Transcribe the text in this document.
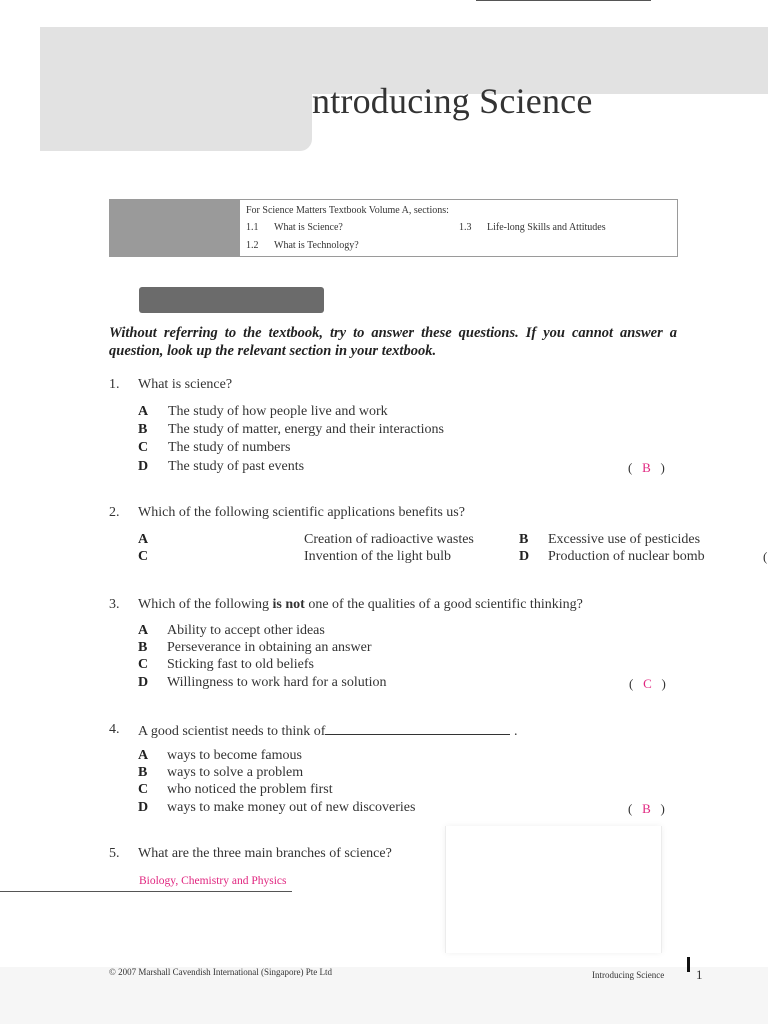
ntroducing Science
For Science Matters Textbook Volume A, sections:
1.1 What is Science?
1.2 What is Technology?
1.3 Life-long Skills and Attitudes
Without referring to the textbook, try to answer these questions. If you cannot answer a question, look up the relevant section in your textbook.
1. What is science?
A The study of how people live and work
B The study of matter, energy and their interactions
C The study of numbers
D The study of past events	(   B   )
2. Which of the following scientific applications benefits us?
A	Creation of radioactive wastes	B Excessive use of pesticides
C	Invention of the light bulb	D Production of nuclear bomb	(
3. Which of the following is not one of the qualities of a good scientific thinking?
A Ability to accept other ideas
B Perseverance in obtaining an answer
C Sticking fast to old beliefs
D Willingness to work hard for a solution	(   C   )
4. A good scientist needs to think of	.
A ways to become famous
B ways to solve a problem
C who noticed the problem first
D ways to make money out of new discoveries	(   B   )
5. What are the three main branches of science?
Biology, Chemistry and Physics
© 2007 Marshall Cavendish International (Singapore) Pte Ltd	Introducing Science 1
